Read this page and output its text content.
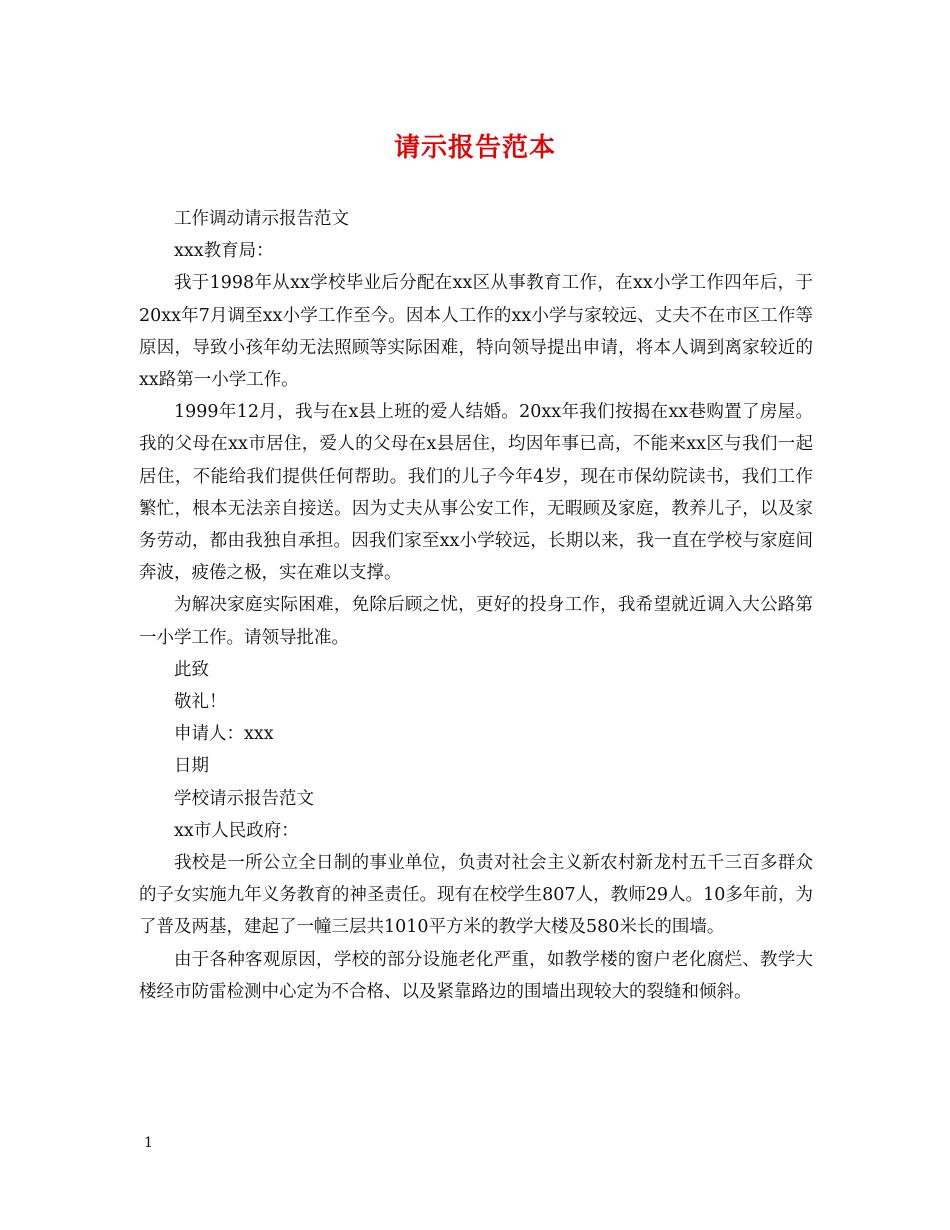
请示报告范本

工作调动请示报告范文

xxx教育局：

我于1998年从xx学校毕业后分配在xx区从事教育工作，在xx小学工作四年后，于20xx年7月调至xx小学工作至今。因本人工作的xx小学与家较远、丈夫不在市区工作等原因，导致小孩年幼无法照顾等实际困难，特向领导提出申请，将本人调到离家较近的xx路第一小学工作。

1999年12月，我与在x县上班的爱人结婚。20xx年我们按揭在xx巷购置了房屋。我的父母在xx市居住，爱人的父母在x县居住，均因年事已高，不能来xx区与我们一起居住，不能给我们提供任何帮助。我们的儿子今年4岁，现在市保幼院读书，我们工作繁忙，根本无法亲自接送。因为丈夫从事公安工作，无暇顾及家庭，教养儿子，以及家务劳动，都由我独自承担。因我们家至xx小学较远，长期以来，我一直在学校与家庭间奔波，疲倦之极，实在难以支撑。

为解决家庭实际困难，免除后顾之忧，更好的投身工作，我希望就近调入大公路第一小学工作。请领导批准。

此致

敬礼！

申请人：xxx

日期

学校请示报告范文

xx市人民政府：

我校是一所公立全日制的事业单位，负责对社会主义新农村新龙村五千三百多群众的子女实施九年义务教育的神圣责任。现有在校学生807人，教师29人。10多年前，为了普及两基，建起了一幢三层共1010平方米的教学大楼及580米长的围墙。

由于各种客观原因，学校的部分设施老化严重，如教学楼的窗户老化腐烂、教学大楼经市防雷检测中心定为不合格、以及紧靠路边的围墙出现较大的裂缝和倾斜。

1
